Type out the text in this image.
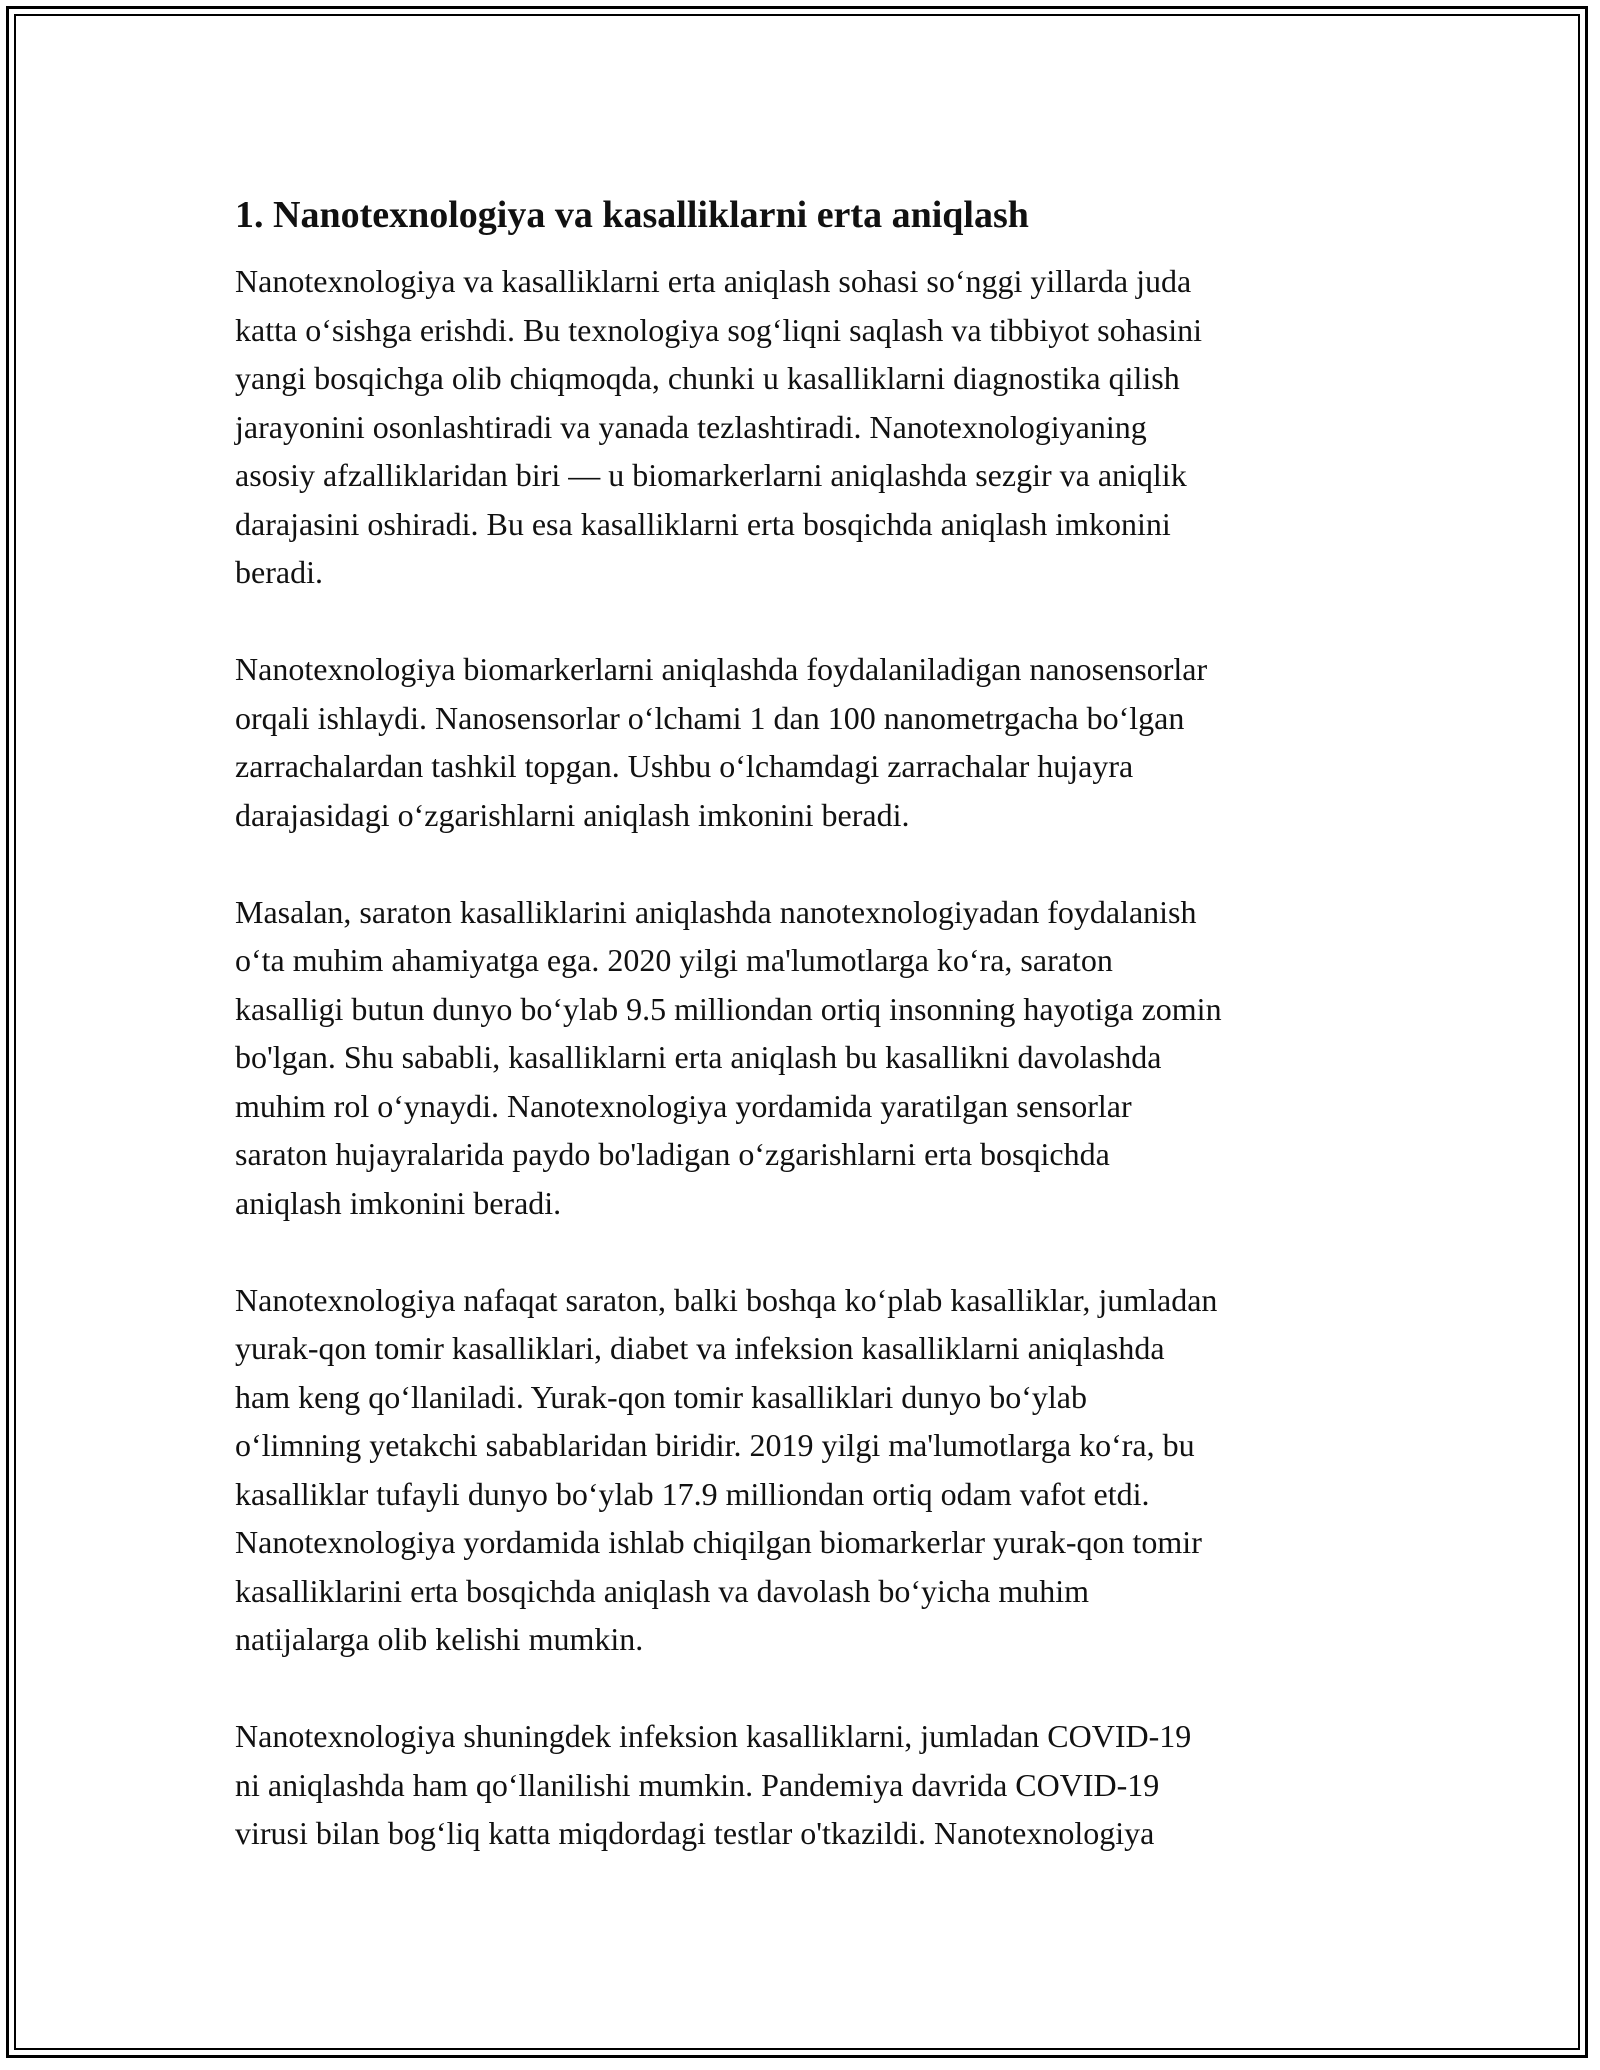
1. Nanotexnologiya va kasalliklarni erta aniqlash
Nanotexnologiya va kasalliklarni erta aniqlash sohasi so‘nggi yillarda juda
katta o‘sishga erishdi. Bu texnologiya sog‘liqni saqlash va tibbiyot sohasini
yangi bosqichga olib chiqmoqda, chunki u kasalliklarni diagnostika qilish
jarayonini osonlashtiradi va yanada tezlashtiradi. Nanotexnologiyaning
asosiy afzalliklaridan biri — u biomarkerlarni aniqlashda sezgir va aniqlik
darajasini oshiradi. Bu esa kasalliklarni erta bosqichda aniqlash imkonini
beradi.
Nanotexnologiya biomarkerlarni aniqlashda foydalaniladigan nanosensorlar
orqali ishlaydi. Nanosensorlar o‘lchami 1 dan 100 nanometrgacha bo‘lgan
zarrachalardan tashkil topgan. Ushbu o‘lchamdagi zarrachalar hujayra
darajasidagi o‘zgarishlarni aniqlash imkonini beradi.
Masalan, saraton kasalliklarini aniqlashda nanotexnologiyadan foydalanish
o‘ta muhim ahamiyatga ega. 2020 yilgi ma'lumotlarga ko‘ra, saraton
kasalligi butun dunyo bo‘ylab 9.5 milliondan ortiq insonning hayotiga zomin
bo'lgan. Shu sababli, kasalliklarni erta aniqlash bu kasallikni davolashda
muhim rol o‘ynaydi. Nanotexnologiya yordamida yaratilgan sensorlar
saraton hujayralarida paydo bo'ladigan o‘zgarishlarni erta bosqichda
aniqlash imkonini beradi.
Nanotexnologiya nafaqat saraton, balki boshqa ko‘plab kasalliklar, jumladan
yurak-qon tomir kasalliklari, diabet va infeksion kasalliklarni aniqlashda
ham keng qo‘llaniladi. Yurak-qon tomir kasalliklari dunyo bo‘ylab
o‘limning yetakchi sabablaridan biridir. 2019 yilgi ma'lumotlarga ko‘ra, bu
kasalliklar tufayli dunyo bo‘ylab 17.9 milliondan ortiq odam vafot etdi.
Nanotexnologiya yordamida ishlab chiqilgan biomarkerlar yurak-qon tomir
kasalliklarini erta bosqichda aniqlash va davolash bo‘yicha muhim
natijalarga olib kelishi mumkin.
Nanotexnologiya shuningdek infeksion kasalliklarni, jumladan COVID-19
ni aniqlashda ham qo‘llanilishi mumkin. Pandemiya davrida COVID-19
virusi bilan bog‘liq katta miqdordagi testlar o'tkazildi. Nanotexnologiya
